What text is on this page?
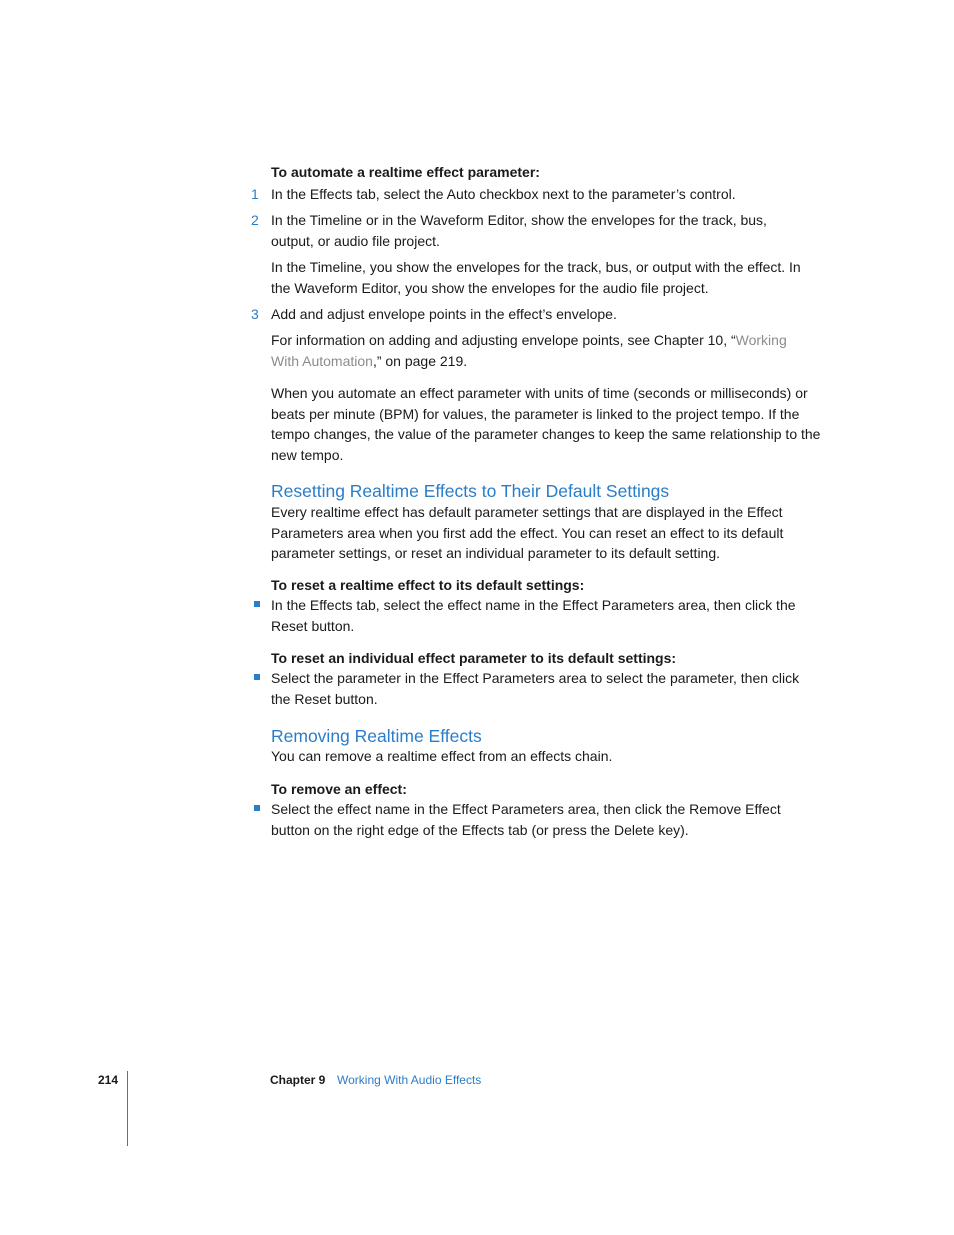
To automate a realtime effect parameter:

1 In the Effects tab, select the Auto checkbox next to the parameter’s control.

2 In the Timeline or in the Waveform Editor, show the envelopes for the track, bus, output, or audio file project.

In the Timeline, you show the envelopes for the track, bus, or output with the effect. In the Waveform Editor, you show the envelopes for the audio file project.

3 Add and adjust envelope points in the effect’s envelope.

For information on adding and adjusting envelope points, see Chapter 10, “Working With Automation,” on page 219.

When you automate an effect parameter with units of time (seconds or milliseconds) or beats per minute (BPM) for values, the parameter is linked to the project tempo. If the tempo changes, the value of the parameter changes to keep the same relationship to the new tempo.

Resetting Realtime Effects to Their Default Settings

Every realtime effect has default parameter settings that are displayed in the Effect Parameters area when you first add the effect. You can reset an effect to its default parameter settings, or reset an individual parameter to its default setting.

To reset a realtime effect to its default settings:

In the Effects tab, select the effect name in the Effect Parameters area, then click the Reset button.

To reset an individual effect parameter to its default settings:

Select the parameter in the Effect Parameters area to select the parameter, then click the Reset button.

Removing Realtime Effects

You can remove a realtime effect from an effects chain.

To remove an effect:

Select the effect name in the Effect Parameters area, then click the Remove Effect button on the right edge of the Effects tab (or press the Delete key).

214	Chapter 9 Working With Audio Effects
